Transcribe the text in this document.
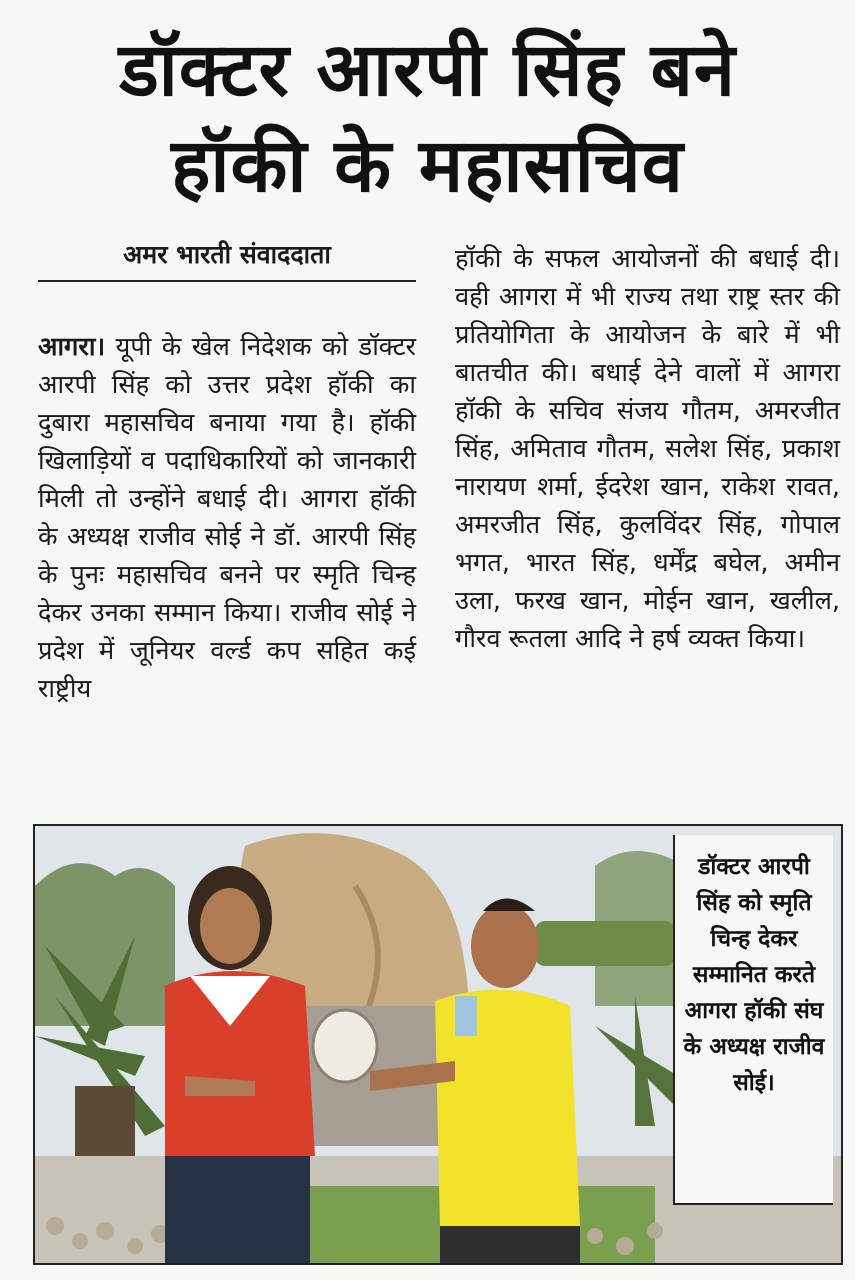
डॉक्टर आरपी सिंह बने
हॉकी के महासचिव
अमर भारती संवाददाता

आगरा। यूपी के खेल निदेशक को डॉक्टर आरपी सिंह को उत्तर प्रदेश हॉकी का दुबारा महासचिव बनाया गया है। हॉकी खिलाड़ियों व पदाधिकारियों को जानकारी मिली तो उन्होंने बधाई दी। आगरा हॉकी के अध्यक्ष राजीव सोई ने डॉ. आरपी सिंह के पुनः महासचिव बनने पर स्मृति चिन्ह देकर उनका सम्मान किया। राजीव सोई ने प्रदेश में जूनियर वर्ल्ड कप सहित कई राष्ट्रीय

हॉकी के सफल आयोजनों की बधाई दी। वही आगरा में भी राज्य तथा राष्ट्र स्तर की प्रतियोगिता के आयोजन के बारे में भी बातचीत की। बधाई देने वालों में आगरा हॉकी के सचिव संजय गौतम, अमरजीत सिंह, अमिताव गौतम, सलेश सिंह, प्रकाश नारायण शर्मा, ईदरेश खान, राकेश रावत, अमरजीत सिंह, कुलविंदर सिंह, गोपाल भगत, भारत सिंह, धर्मेंद्र बघेल, अमीन उला, फरख खान, मोईन खान, खलील, गौरव रूतला आदि ने हर्ष व्यक्त किया।

डॉक्टर आरपी सिंह को स्मृति चिन्ह देकर सम्मानित करते आगरा हॉकी संघ के अध्यक्ष राजीव सोई।
